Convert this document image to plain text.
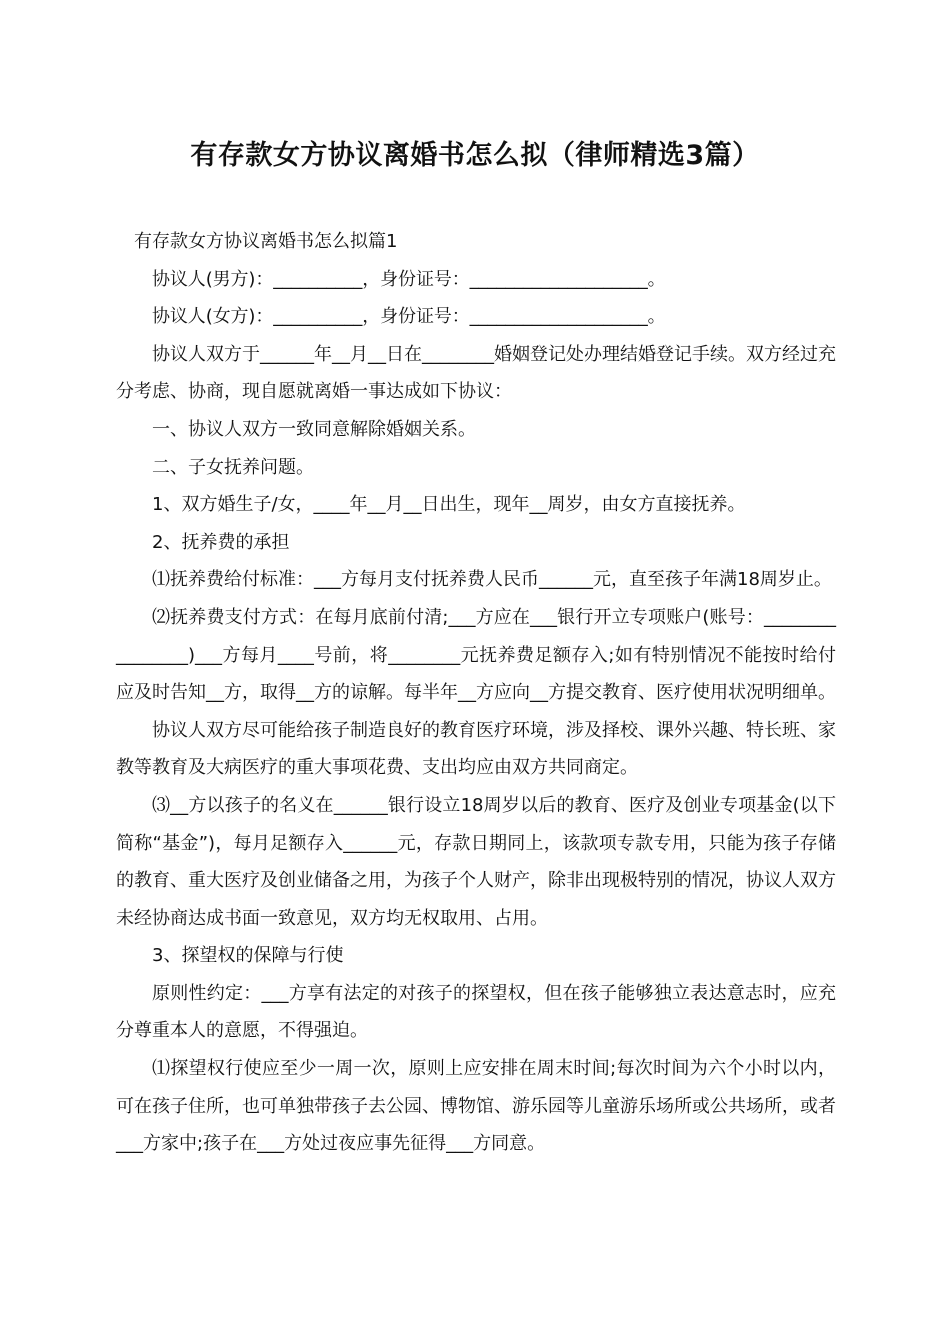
有存款女方协议离婚书怎么拟（律师精选3篇）

有存款女方协议离婚书怎么拟篇1

协议人(男方)：__________，身份证号：____________________。

协议人(女方)：__________，身份证号：____________________。

协议人双方于______年__月__日在________婚姻登记处办理结婚登记手续。双方经过充分考虑、协商，现自愿就离婚一事达成如下协议：

一、协议人双方一致同意解除婚姻关系。

二、子女抚养问题。

1、双方婚生子/女，____年__月__日出生，现年__周岁，由女方直接抚养。

2、抚养费的承担

⑴抚养费给付标准：___方每月支付抚养费人民币______元，直至孩子年满18周岁止。

⑵抚养费支付方式：在每月底前付清;___方应在___银行开立专项账户(账号：________________)___方每月____号前，将________元抚养费足额存入;如有特别情况不能按时给付应及时告知__方，取得__方的谅解。每半年__方应向__方提交教育、医疗使用状况明细单。

协议人双方尽可能给孩子制造良好的教育医疗环境，涉及择校、课外兴趣、特长班、家教等教育及大病医疗的重大事项花费、支出均应由双方共同商定。

⑶__方以孩子的名义在______银行设立18周岁以后的教育、医疗及创业专项基金(以下简称“基金”)，每月足额存入______元，存款日期同上，该款项专款专用，只能为孩子存储的教育、重大医疗及创业储备之用，为孩子个人财产，除非出现极特别的情况，协议人双方未经协商达成书面一致意见，双方均无权取用、占用。

3、探望权的保障与行使

原则性约定：___方享有法定的对孩子的探望权，但在孩子能够独立表达意志时，应充分尊重本人的意愿，不得强迫。

⑴探望权行使应至少一周一次，原则上应安排在周末时间;每次时间为六个小时以内，可在孩子住所，也可单独带孩子去公园、博物馆、游乐园等儿童游乐场所或公共场所，或者___方家中;孩子在___方处过夜应事先征得___方同意。
